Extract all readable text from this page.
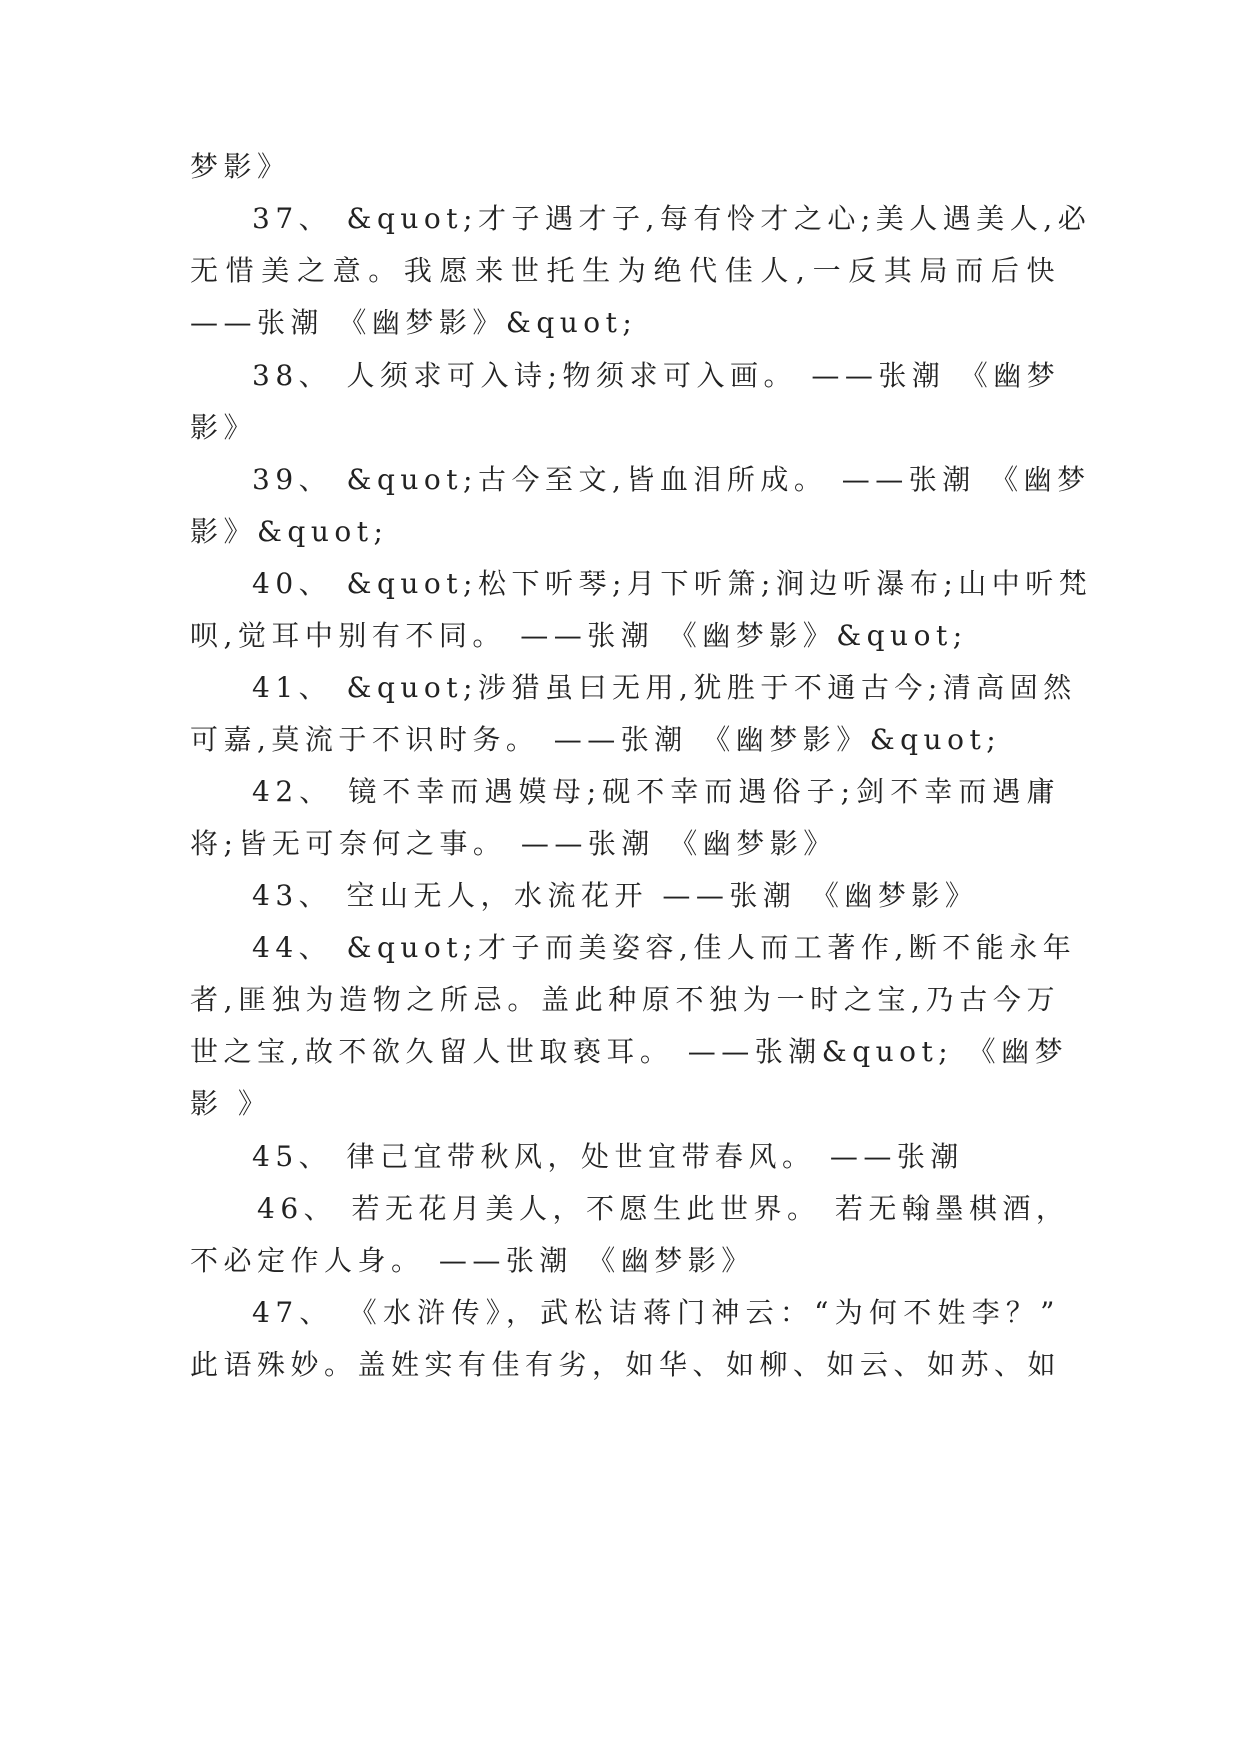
梦影》
37、 &quot;才子遇才子,每有怜才之心;美人遇美人,必
无惜美之意。我愿来世托生为绝代佳人,一反其局而后快
——张潮 《幽梦影》&quot;
38、 人须求可入诗;物须求可入画。 ——张潮 《幽梦
影》
39、 &quot;古今至文,皆血泪所成。 ——张潮 《幽梦
影》&quot;
40、 &quot;松下听琴;月下听箫;涧边听瀑布;山中听梵
呗,觉耳中别有不同。 ——张潮 《幽梦影》&quot;
41、 &quot;涉猎虽曰无用,犹胜于不通古今;清高固然
可嘉,莫流于不识时务。 ——张潮 《幽梦影》&quot;
42、 镜不幸而遇嫫母;砚不幸而遇俗子;剑不幸而遇庸
将;皆无可奈何之事。 ——张潮 《幽梦影》
43、 空山无人，水流花开 ——张潮 《幽梦影》
44、 &quot;才子而美姿容,佳人而工著作,断不能永年
者,匪独为造物之所忌。盖此种原不独为一时之宝,乃古今万
世之宝,故不欲久留人世取亵耳。 ——张潮&quot; 《幽梦
影 》
45、 律己宜带秋风，处世宜带春风。 ——张潮
46、 若无花月美人，不愿生此世界。 若无翰墨棋酒，
不必定作人身。 ——张潮 《幽梦影》
47、 《水浒传》，武松诘蒋门神云：“为何不姓李？”
此语殊妙。盖姓实有佳有劣，如华、如柳、如云、如苏、如
